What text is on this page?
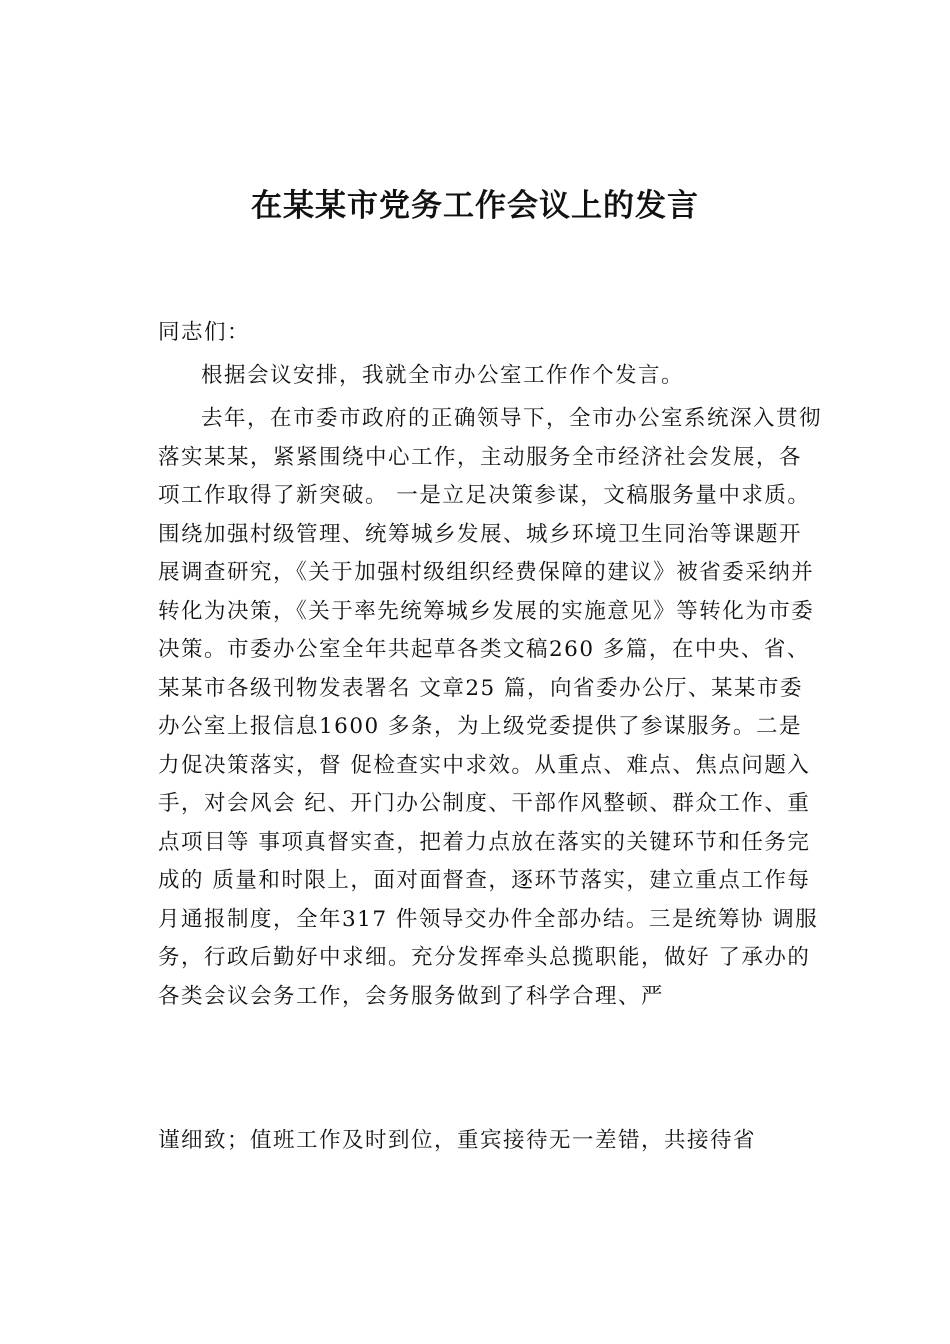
在某某市党务工作会议上的发言

同志们：

根据会议安排，我就全市办公室工作作个发言。

去年，在市委市政府的正确领导下，全市办公室系统深入贯彻落实某某，紧紧围绕中心工作，主动服务全市经济社会发展，各项工作取得了新突破。 一是立足决策参谋，文稿服务量中求质。围绕加强村级管理、统筹城乡发展、城乡环境卫生同治等课题开展调查研究，《关于加强村级组织经费保障的建议》被省委采纳并转化为决策，《关于率先统筹城乡发展的实施意见》等转化为市委决策。市委办公室全年共起草各类文稿260 多篇，在中央、省、某某市各级刊物发表署名 文章25 篇，向省委办公厅、某某市委办公室上报信息1600 多条，为上级党委提供了参谋服务。二是力促决策落实，督 促检查实中求效。从重点、难点、焦点问题入手，对会风会 纪、开门办公制度、干部作风整顿、群众工作、重点项目等 事项真督实查，把着力点放在落实的关键环节和任务完成的 质量和时限上，面对面督查，逐环节落实，建立重点工作每 月通报制度，全年317 件领导交办件全部办结。三是统筹协 调服务，行政后勤好中求细。充分发挥牵头总揽职能，做好 了承办的各类会议会务工作，会务服务做到了科学合理、严

谨细致；值班工作及时到位，重宾接待无一差错，共接待省
